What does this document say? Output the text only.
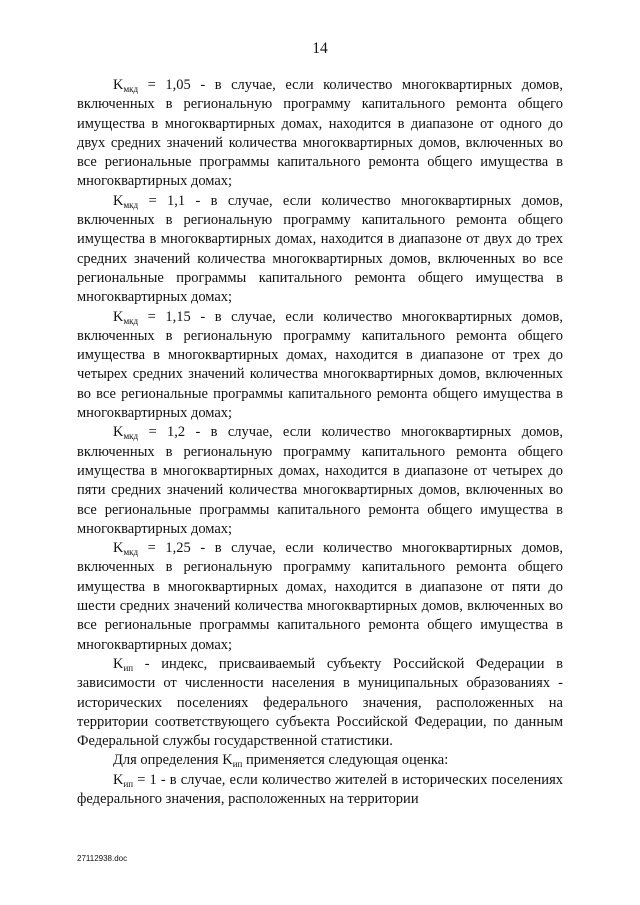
14

$K_{мкд} = 1,05 - в$ случае, если количество многоквартирных домов, включенных в региональную программу капитального ремонта общего имущества в многоквартирных домах, находится в диапазоне от одного до двух средних значений количества многоквартирных домов, включенных во все региональные программы капитального ремонта общего имущества в многоквартирных домах;

$K_{мкд} = 1,1 - в$ случае, если количество многоквартирных домов, включенных в региональную программу капитального ремонта общего имущества в многоквартирных домах, находится в диапазоне от двух до трех средних значений количества многоквартирных домов, включенных во все региональные программы капитального ремонта общего имущества в многоквартирных домах;

$K_{мкд} = 1,15 - в$ случае, если количество многоквартирных домов, включенных в региональную программу капитального ремонта общего имущества в многоквартирных домах, находится в диапазоне от трех до четырех средних значений количества многоквартирных домов, включенных во все региональные программы капитального ремонта общего имущества в многоквартирных домах;

$K_{мкд} = 1,2 - в$ случае, если количество многоквартирных домов, включенных в региональную программу капитального ремонта общего имущества в многоквартирных домах, находится в диапазоне от четырех до пяти средних значений количества многоквартирных домов, включенных во все региональные программы капитального ремонта общего имущества в многоквартирных домах;

$K_{мкд} = 1,25 - в$ случае, если количество многоквартирных домов, включенных в региональную программу капитального ремонта общего имущества в многоквартирных домах, находится в диапазоне от пяти до шести средних значений количества многоквартирных домов, включенных во все региональные программы капитального ремонта общего имущества в многоквартирных домах;

$K_{ип}$ - индекс, присваиваемый субъекту Российской Федерации в зависимости от численности населения в муниципальных образованиях - исторических поселениях федерального значения, расположенных на территории соответствующего субъекта Российской Федерации, по данным Федеральной службы государственной статистики.

Для определения $K_{ип}$ применяется следующая оценка:

$K_{ип} = 1 - в$ случае, если количество жителей в исторических поселениях федерального значения, расположенных на территории

27112938.doc
